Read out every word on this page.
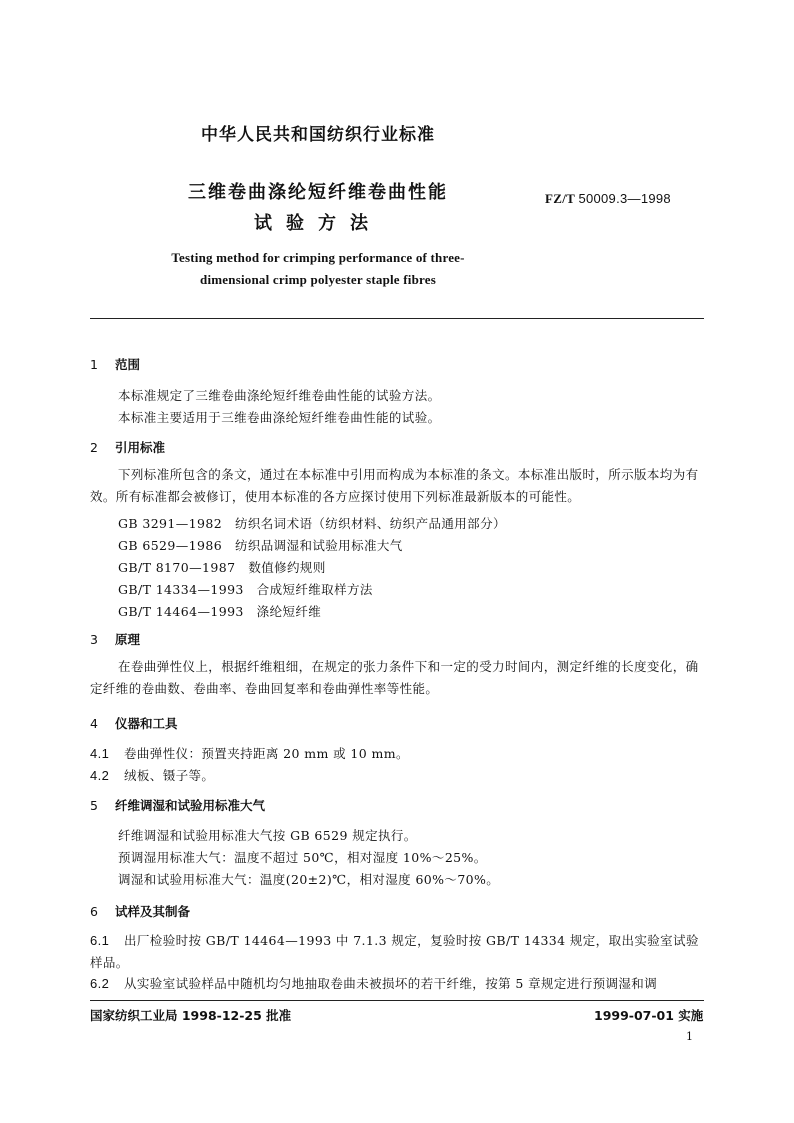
中华人民共和国纺织行业标准
三维卷曲涤纶短纤维卷曲性能
试验方法
FZ/T 50009.3—1998
Testing method for crimping performance of three-
dimensional crimp polyester staple fibres
1 范围
本标准规定了三维卷曲涤纶短纤维卷曲性能的试验方法。
本标准主要适用于三维卷曲涤纶短纤维卷曲性能的试验。
2 引用标准
下列标准所包含的条文，通过在本标准中引用而构成为本标准的条文。本标准出版时，所示版本均为有效。所有标准都会被修订，使用本标准的各方应探讨使用下列标准最新版本的可能性。
GB 3291—1982　纺织名词术语（纺织材料、纺织产品通用部分）
GB 6529—1986　纺织品调湿和试验用标准大气
GB/T 8170—1987　数值修约规则
GB/T 14334—1993　合成短纤维取样方法
GB/T 14464—1993　涤纶短纤维
3 原理
在卷曲弹性仪上，根据纤维粗细，在规定的张力条件下和一定的受力时间内，测定纤维的长度变化，确定纤维的卷曲数、卷曲率、卷曲回复率和卷曲弹性率等性能。
4 仪器和工具
4.1 卷曲弹性仪：预置夹持距离 20 mm 或 10 mm。
4.2 绒板、镊子等。
5 纤维调湿和试验用标准大气
纤维调湿和试验用标准大气按 GB 6529 规定执行。
预调湿用标准大气：温度不超过 50℃，相对湿度 10%～25%。
调湿和试验用标准大气：温度(20±2)℃，相对湿度 60%～70%。
6 试样及其制备
6.1 出厂检验时按 GB/T 14464—1993 中 7.1.3 规定，复验时按 GB/T 14334 规定，取出实验室试验样品。
6.2 从实验室试验样品中随机均匀地抽取卷曲未被损坏的若干纤维，按第 5 章规定进行预调湿和调
国家纺织工业局 1998-12-25 批准	1999-07-01 实施
1
